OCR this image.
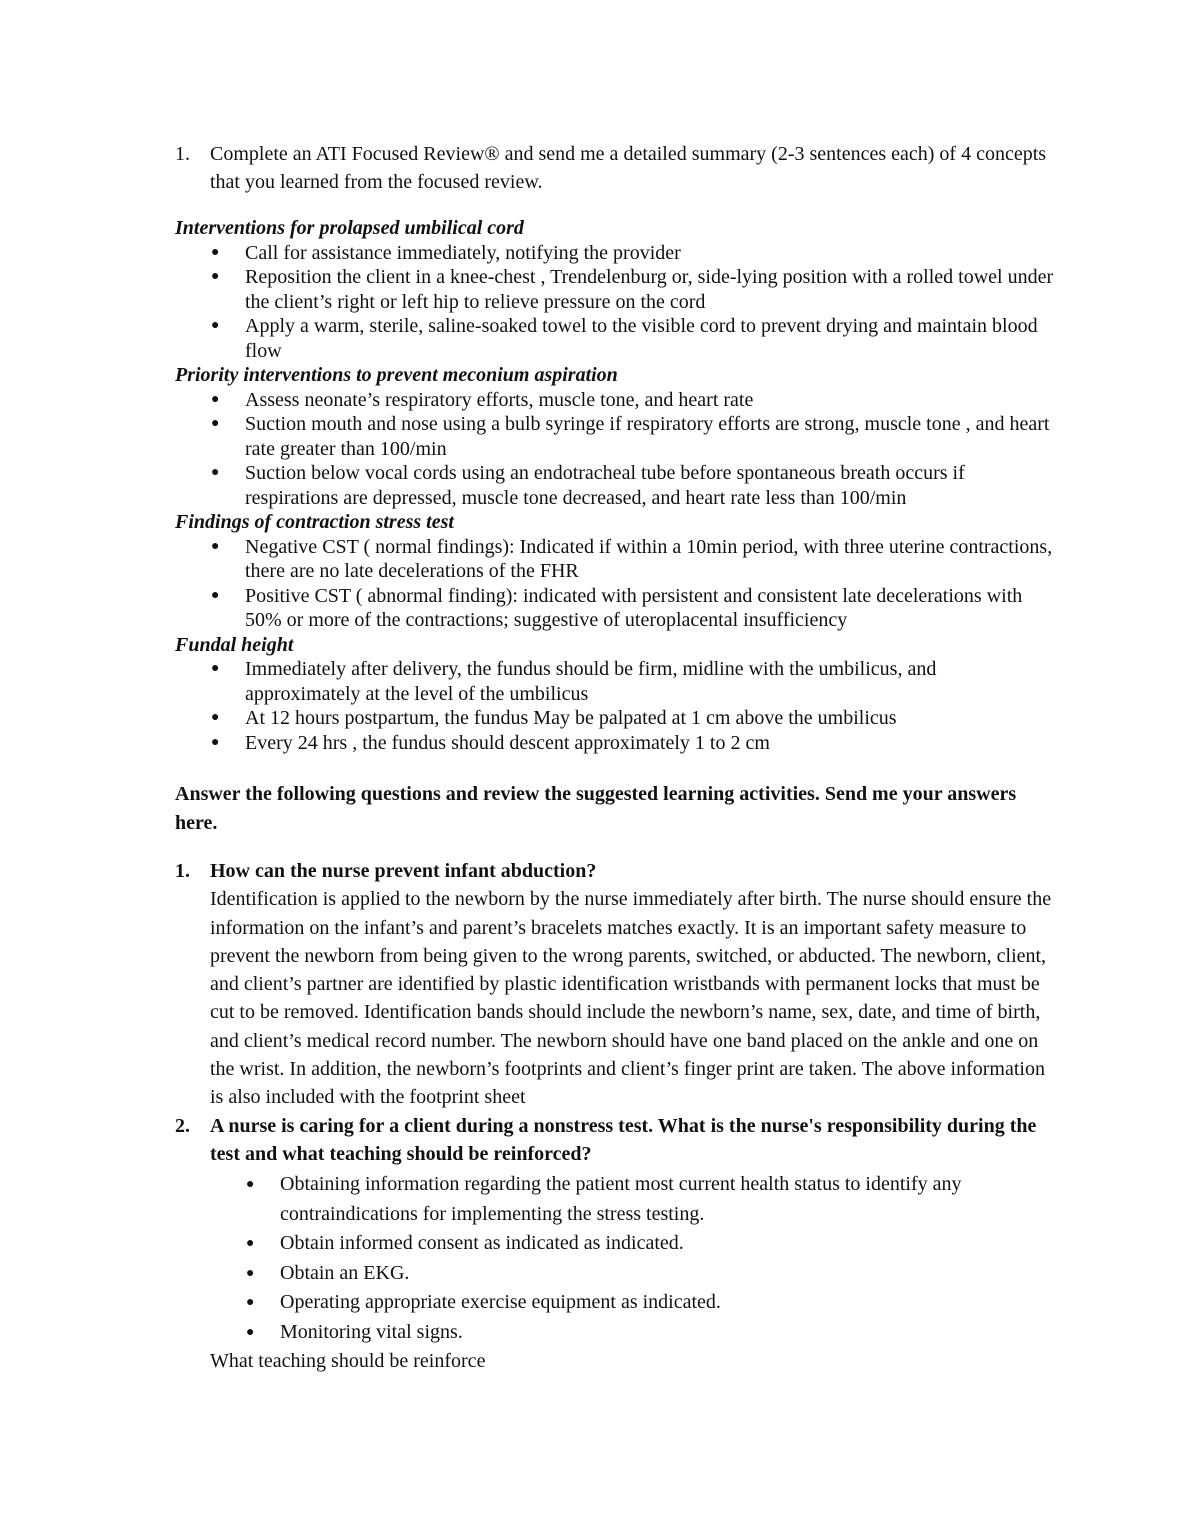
1.	Complete an ATI Focused Review® and send me a detailed summary (2-3 sentences each) of 4 concepts that you learned from the focused review.
Interventions for prolapsed umbilical cord
● Call for assistance immediately, notifying the provider
● Reposition the client in a knee-chest , Trendelenburg or, side-lying position with a rolled towel under the client’s right or left hip to relieve pressure on the cord
● Apply a warm, sterile, saline-soaked towel to the visible cord to prevent drying and maintain blood flow
Priority interventions to prevent meconium aspiration
● Assess neonate’s respiratory efforts, muscle tone, and heart rate
● Suction mouth and nose using a bulb syringe if respiratory efforts are strong, muscle tone , and heart rate greater than 100/min
● Suction below vocal cords using an endotracheal tube before spontaneous breath occurs if respirations are depressed, muscle tone decreased, and heart rate less than 100/min
Findings of contraction stress test
● Negative CST ( normal findings): Indicated if within a 10min period, with three uterine contractions, there are no late decelerations of the FHR
● Positive CST ( abnormal finding): indicated with persistent and consistent late decelerations with 50% or more of the contractions; suggestive of uteroplacental insufficiency
Fundal height
● Immediately after delivery, the fundus should be firm, midline with the umbilicus, and approximately at the level of the umbilicus
● At 12 hours postpartum, the fundus May be palpated at 1 cm above the umbilicus
● Every 24 hrs , the fundus should descent approximately 1 to 2 cm
Answer the following questions and review the suggested learning activities. Send me your answers here.
1.	How can the nurse prevent infant abduction?
Identification is applied to the newborn by the nurse immediately after birth. The nurse should ensure the information on the infant’s and parent’s bracelets matches exactly. It is an important safety measure to prevent the newborn from being given to the wrong parents, switched, or abducted. The newborn, client, and client’s partner are identified by plastic identification wristbands with permanent locks that must be cut to be removed. Identification bands should include the newborn’s name, sex, date, and time of birth, and client’s medical record number. The newborn should have one band placed on the ankle and one on the wrist. In addition, the newborn’s footprints and client’s finger print are taken. The above information is also included with the footprint sheet
2.	A nurse is caring for a client during a nonstress test. What is the nurse's responsibility during the test and what teaching should be reinforced?
● Obtaining information regarding the patient most current health status to identify any contraindications for implementing the stress testing.
● Obtain informed consent as indicated as indicated.
● Obtain an EKG.
● Operating appropriate exercise equipment as indicated.
● Monitoring vital signs.
What teaching should be reinforce
